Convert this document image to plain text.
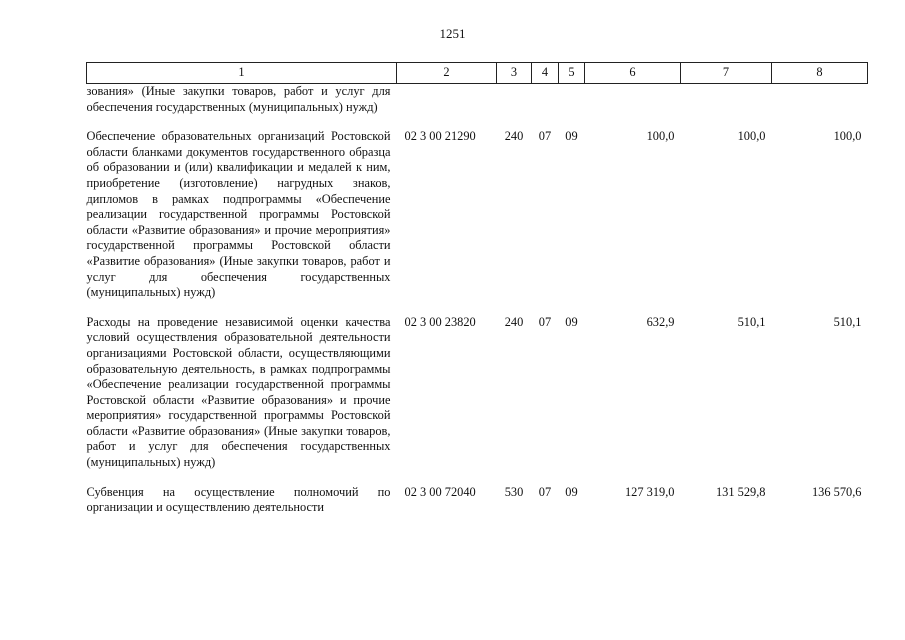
1251
1	2	3	4	5	6	7	8
зования» (Иные закупки товаров, работ и услуг для обеспечения государственных (муниципальных) нужд)							
Обеспечение образовательных организаций Ростовской области бланками документов государственного образца об образовании и (или) квалификации и медалей к ним, приобретение (изготовление) нагрудных знаков, дипломов в рамках подпрограммы «Обеспечение реализации государственной программы Ростовской области «Развитие образования» и прочие мероприятия» государственной программы Ростовской области «Развитие образования» (Иные закупки товаров, работ и услуг для обеспечения государственных (муниципальных) нужд)	02 3 00 21290	240	07	09	100,0	100,0	100,0
Расходы на проведение независимой оценки качества условий осуществления образовательной деятельности организациями Ростовской области, осуществляющими образовательную деятельность, в рамках подпрограммы «Обеспечение реализации государственной программы Ростовской области «Развитие образования» и прочие мероприятия» государственной программы Ростовской области «Развитие образования» (Иные закупки товаров, работ и услуг для обеспечения государственных (муниципальных) нужд)	02 3 00 23820	240	07	09	632,9	510,1	510,1
Субвенция на осуществление полномочий по организации и осуществлению деятельности	02 3 00 72040	530	07	09	127 319,0	131 529,8	136 570,6
